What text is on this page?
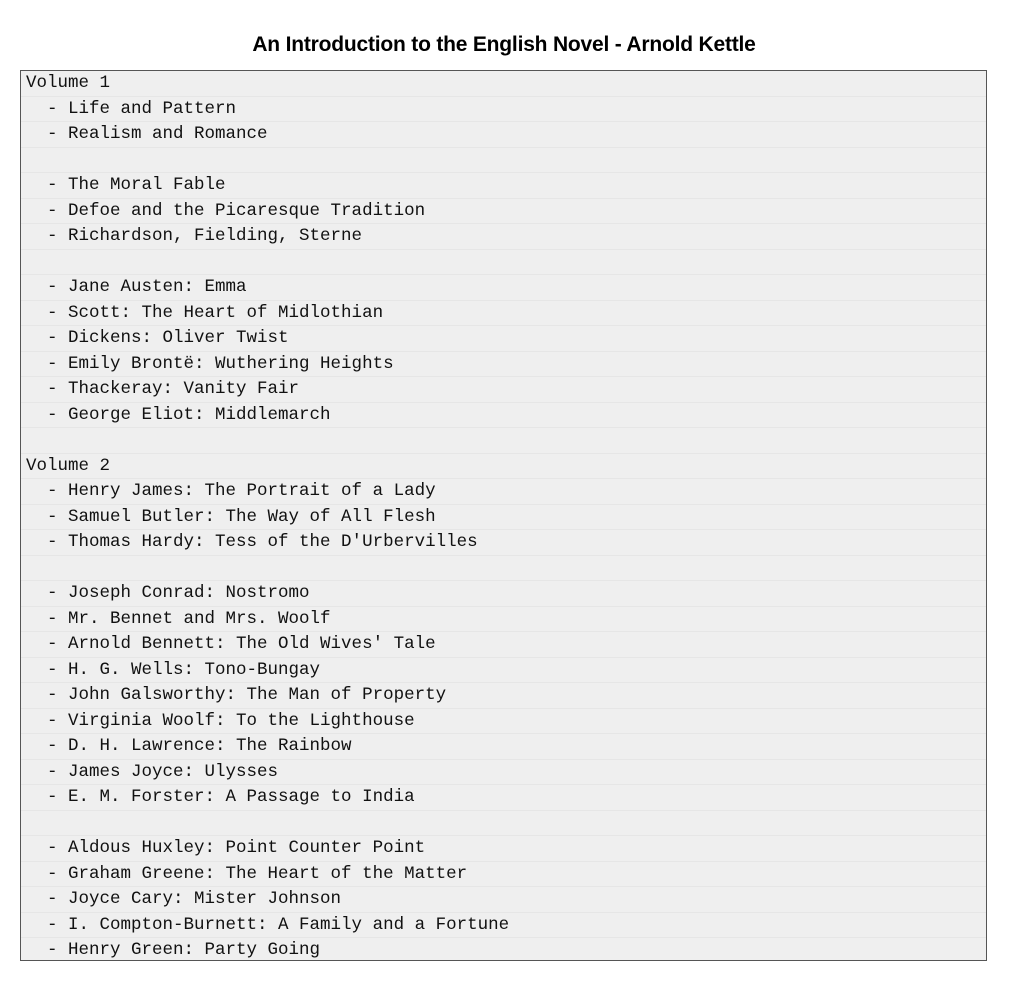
An Introduction to the English Novel - Arnold Kettle
Volume 1
- Life and Pattern
- Realism and Romance
- The Moral Fable
- Defoe and the Picaresque Tradition
- Richardson, Fielding, Sterne
- Jane Austen: Emma
- Scott: The Heart of Midlothian
- Dickens: Oliver Twist
- Emily Brontë: Wuthering Heights
- Thackeray: Vanity Fair
- George Eliot: Middlemarch
Volume 2
- Henry James: The Portrait of a Lady
- Samuel Butler: The Way of All Flesh
- Thomas Hardy: Tess of the D'Urbervilles
- Joseph Conrad: Nostromo
- Mr. Bennet and Mrs. Woolf
- Arnold Bennett: The Old Wives' Tale
- H. G. Wells: Tono-Bungay
- John Galsworthy: The Man of Property
- Virginia Woolf: To the Lighthouse
- D. H. Lawrence: The Rainbow
- James Joyce: Ulysses
- E. M. Forster: A Passage to India
- Aldous Huxley: Point Counter Point
- Graham Greene: The Heart of the Matter
- Joyce Cary: Mister Johnson
- I. Compton-Burnett: A Family and a Fortune
- Henry Green: Party Going
